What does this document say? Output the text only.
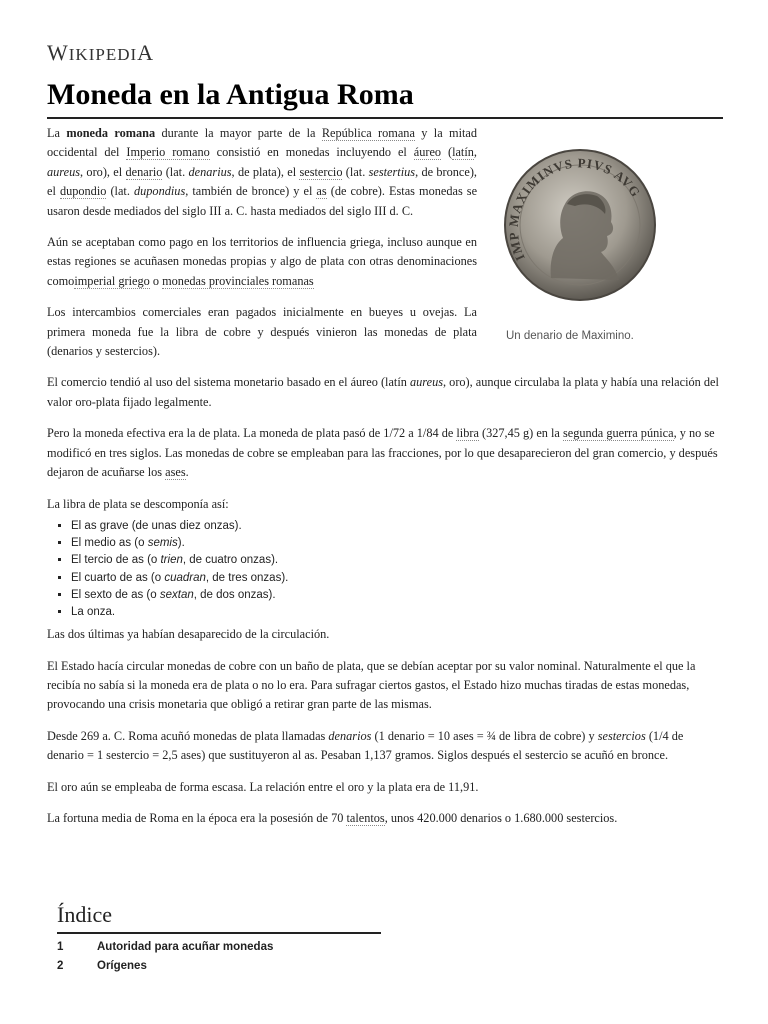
WIKIPEDIA
Moneda en la Antigua Roma
IMP MAXIMINVS PIVS AVG
Un denario de Maximino.

La moneda romana durante la mayor parte de la República romana y la mitad occidental del Imperio romano consistió en monedas incluyendo el áureo (latín, aureus, oro), el denario (lat. denarius, de plata), el sestercio (lat. sestertius, de bronce), el dupondio (lat. dupondius, también de bronce) y el as (de cobre). Estas monedas se usaron desde mediados del siglo III a. C. hasta mediados del siglo III d. C.

Aún se aceptaban como pago en los territorios de influencia griega, incluso aunque en estas regiones se acuñasen monedas propias y algo de plata con otras denominaciones comoimperial griego o monedas provinciales romanas

Los intercambios comerciales eran pagados inicialmente en bueyes u ovejas. La primera moneda fue la libra de cobre y después vinieron las monedas de plata (denarios y sestercios).

El comercio tendió al uso del sistema monetario basado en el áureo (latín aureus, oro), aunque circulaba la plata y había una relación del valor oro-plata fijado legalmente.

Pero la moneda efectiva era la de plata. La moneda de plata pasó de 1/72 a 1/84 de libra (327,45 g) en la segunda guerra púnica, y no se modificó en tres siglos. Las monedas de cobre se empleaban para las fracciones, por lo que desaparecieron del gran comercio, y después dejaron de acuñarse los ases.

La libra de plata se descomponía así:

▪ El as grave (de unas diez onzas).
▪ El medio as (o semis).
▪ El tercio de as (o trien, de cuatro onzas).
▪ El cuarto de as (o cuadran, de tres onzas).
▪ El sexto de as (o sextan, de dos onzas).
▪ La onza.

Las dos últimas ya habían desaparecido de la circulación.

El Estado hacía circular monedas de cobre con un baño de plata, que se debían aceptar por su valor nominal. Naturalmente el que la recibía no sabía si la moneda era de plata o no lo era. Para sufragar ciertos gastos, el Estado hizo muchas tiradas de estas monedas, provocando una crisis monetaria que obligó a retirar gran parte de las mismas.

Desde 269 a. C. Roma acuñó monedas de plata llamadas denarios (1 denario = 10 ases = ¾ de libra de cobre) y sestercios (1/4 de denario = 1 sestercio = 2,5 ases) que sustituyeron al as. Pesaban 1,137 gramos. Siglos después el sestercio se acuñó en bronce.

El oro aún se empleaba de forma escasa. La relación entre el oro y la plata era de 11,91.

La fortuna media de Roma en la época era la posesión de 70 talentos, unos 420.000 denarios o 1.680.000 sestercios.

Índice
1	Autoridad para acuñar monedas
2	Orígenes
